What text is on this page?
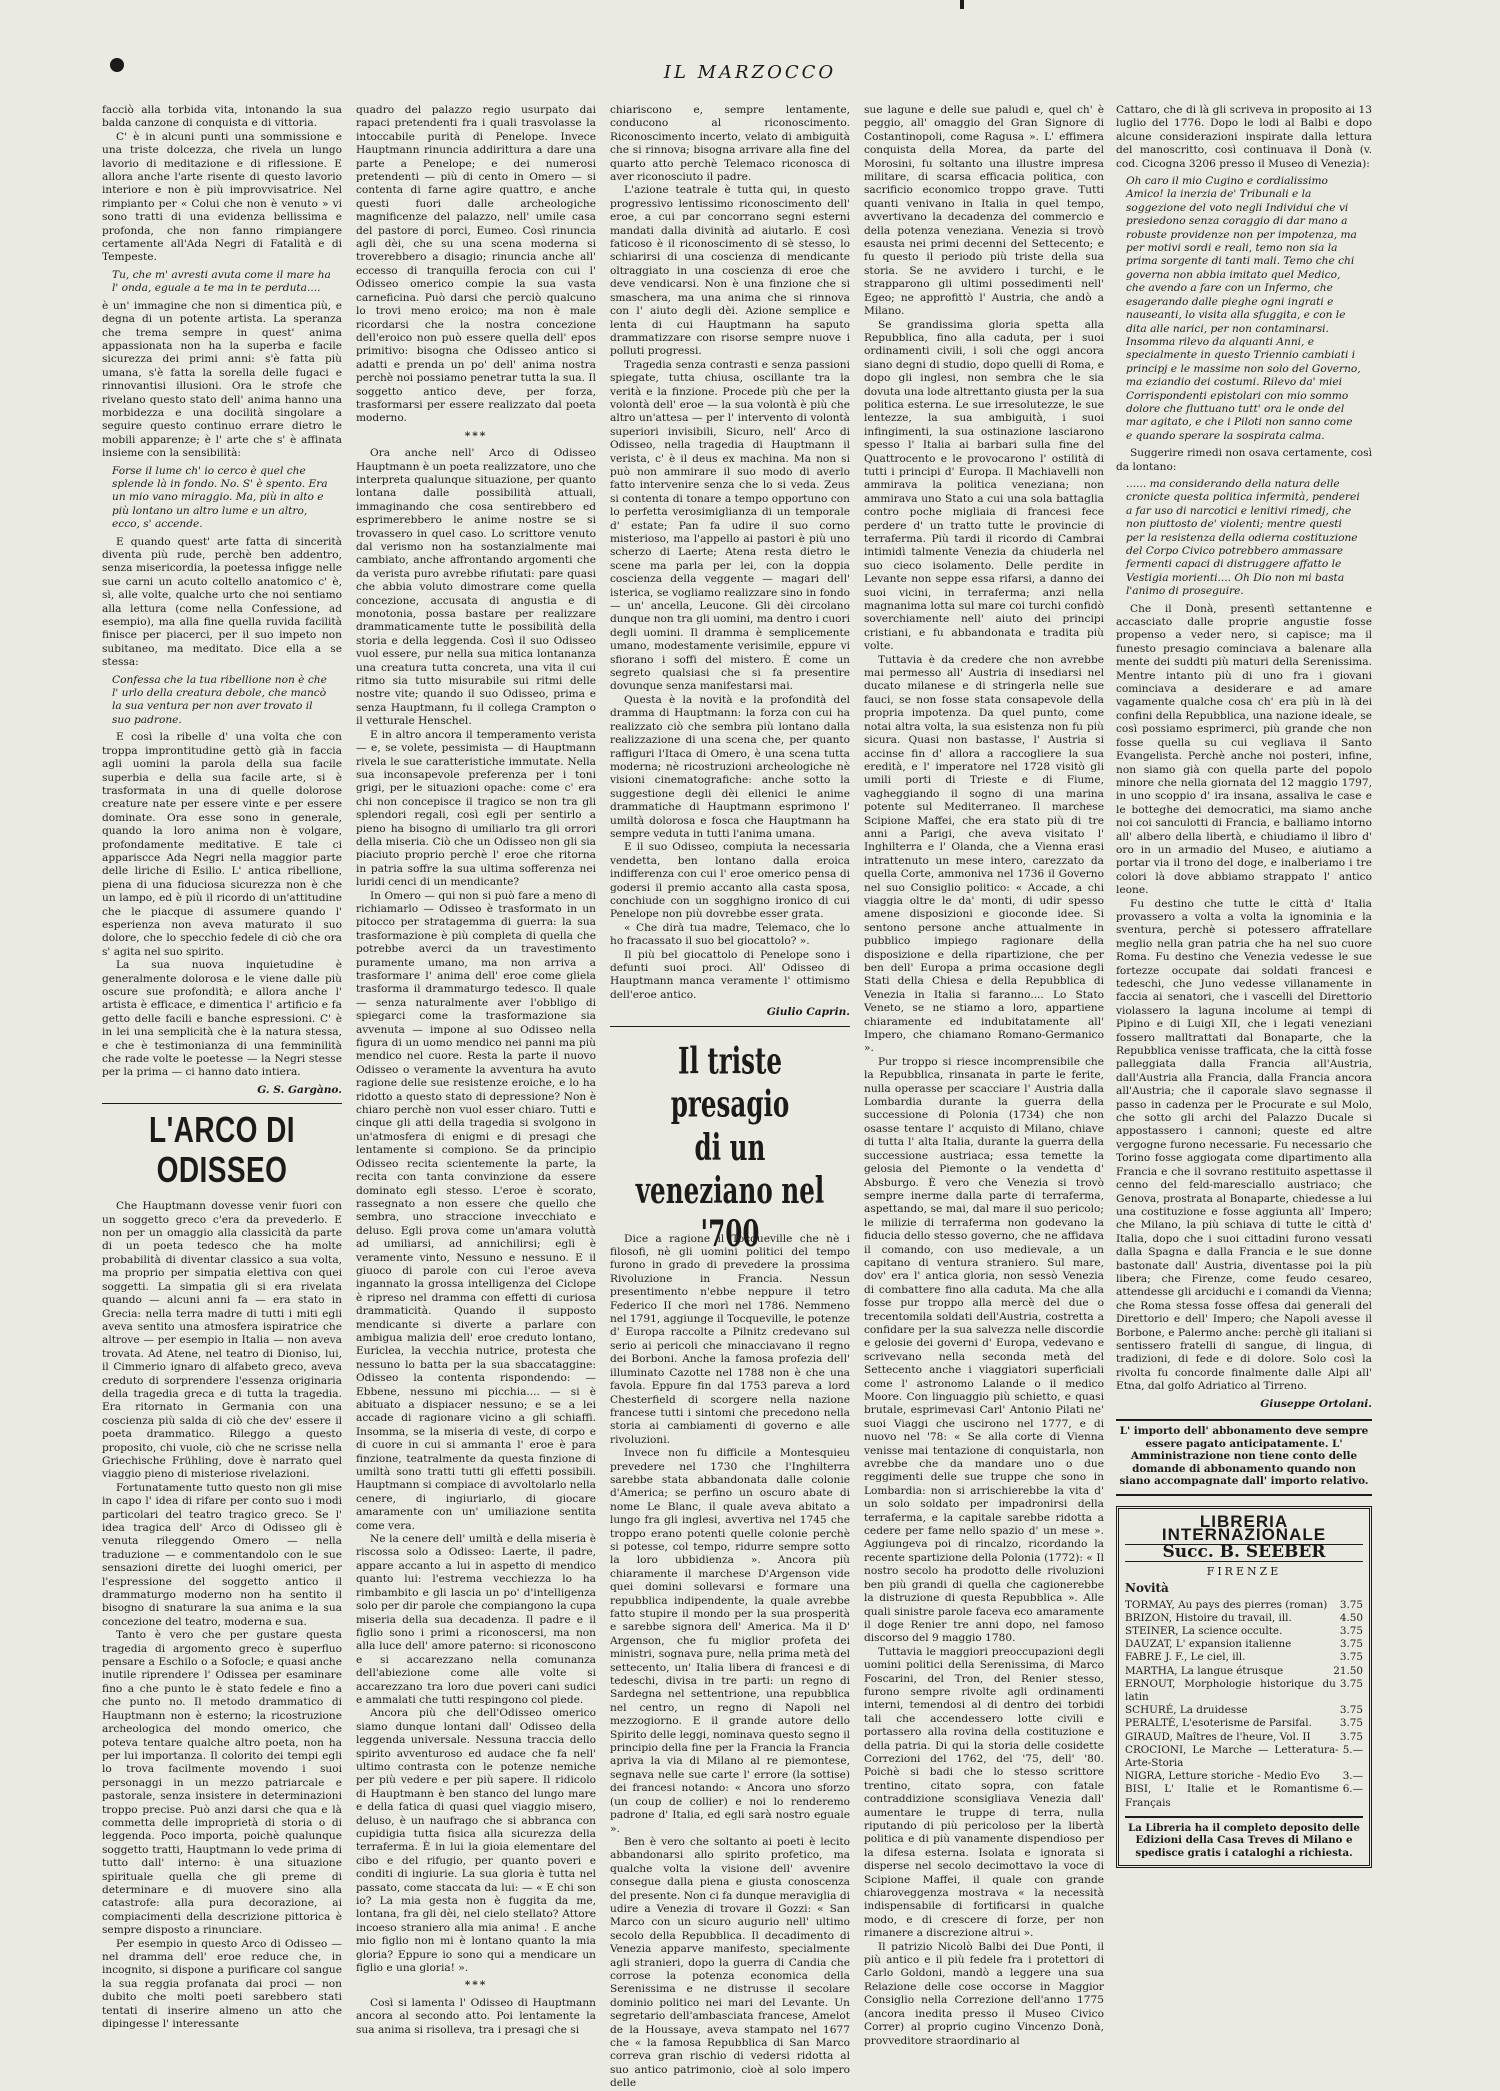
IL MARZOCCO

facciò alla torbida vita, intonando la sua balda canzone di conquista e di vittoria.

C' è in alcuni punti una sommissione e una triste dolcezza, che rivela un lungo lavorio di meditazione e di riflessione. E allora anche l'arte risente di questo lavorio interiore e non è più improvvisatrice. Nel rimpianto per « Colui che non è venuto » vi sono tratti di una evidenza bellissima e profonda, che non fanno rimpiangere certamente all'Ada Negri di Fatalità e di Tempeste.

Tu, che m' avresti avuta come il mare ha l' onda, eguale a te ma in te perduta....

è un' immagine che non si dimentica più, e degna di un potente artista. La speranza che trema sempre in quest' anima appassionata non ha la superba e facile sicurezza dei primi anni: s'è fatta più umana, s'è fatta la sorella delle fugaci e rinnovantisi illusioni. Ora le strofe che rivelano questo stato dell' anima hanno una morbidezza e una docilità singolare a seguire questo continuo errare dietro le mobili apparenze; è l' arte che s' è affinata insieme con la sensibilità:

Forse il lume ch' io cerco è quel che splende là in fondo. No. S' è spento. Era un mio vano miraggio. Ma, più in alto e più lontano un altro lume e un altro, ecco, s' accende.

E quando quest' arte fatta di sincerità diventa più rude, perchè ben addentro, senza misericordia, la poetessa infigge nelle sue carni un acuto coltello anatomico c' è, sì, alle volte, qualche urto che noi sentiamo alla lettura (come nella Confessione, ad esempio), ma alla fine quella ruvida facilità finisce per piacerci, per il suo impeto non subitaneo, ma meditato. Dice ella a se stessa:

Confessa che la tua ribellione non è che l' urlo della creatura debole, che mancò la sua ventura per non aver trovato il suo padrone.

E così la ribelle d' una volta che con troppa improntitudine gettò già in faccia agli uomini la parola della sua facile superbia e della sua facile arte, si è trasformata in una di quelle dolorose creature nate per essere vinte e per essere dominate. Ora esse sono in generale, quando la loro anima non è volgare, profondamente meditative. E tale ci appariscce Ada Negri nella maggior parte delle liriche di Esilio. L' antica ribellione, piena di una fiduciosa sicurezza non è che un lampo, ed è più il ricordo di un'attitudine che le piacque di assumere quando l' esperienza non aveva maturato il suo dolore, che lo specchio fedele di ciò che ora s' agita nel suo spirito.

La sua nuova inquietudine è generalmente dolorosa e le viene dalle più oscure sue profondità; e allora anche l' artista è efficace, e dimentica l' artificio e fa getto delle facili e banche espressioni. C' è in lei una semplicità che è la natura stessa, e che è testimonianza di una femminilità che rade volte le poetesse — la Negri stesse per la prima — ci hanno dato intiera.

G. S. Gargàno.

L'ARCO DI ODISSEO

Che Hauptmann dovesse venir fuori con un soggetto greco c'era da prevederlo. E non per un omaggio alla classicità da parte di un poeta tedesco che ha molte probabilità di diventar classico a sua volta, ma proprio per simpatia elettiva con quei soggetti. La simpatia gli si era rivelata quando — alcuni anni fa — era stato in Grecia: nella terra madre di tutti i miti egli aveva sentito una atmosfera ispiratrice che altrove — per esempio in Italia — non aveva trovata. Ad Atene, nel teatro di Dioniso, lui, il Cimmerio ignaro di alfabeto greco, aveva creduto di sorprendere l'essenza originaria della tragedia greca e di tutta la tragedia. Era ritornato in Germania con una coscienza più salda di ciò che dev' essere il poeta drammatico. Rileggo a questo proposito, chi vuole, ciò che ne scrisse nella Griechische Frühling, dove è narrato quel viaggio pieno di misteriose rivelazioni.

Fortunatamente tutto questo non gli mise in capo l' idea di rifare per conto suo i modi particolari del teatro tragico greco. Se l' idea tragica dell' Arco di Odisseo gli è venuta rileggendo Omero — nella traduzione — e commentandolo con le sue sensazioni dirette dei luoghi omerici, per l'espressione del soggetto antico il drammaturgo moderno non ha sentito il bisogno di snaturare la sua anima e la sua concezione del teatro, moderna e sua.

Tanto è vero che per gustare questa tragedia di argomento greco è superfluo pensare a Eschilo o a Sofocle; e quasi anche inutile riprendere l' Odissea per esaminare fino a che punto le è stato fedele e fino a che punto no. Il metodo drammatico di Hauptmann non è esterno; la ricostruzione archeologica del mondo omerico, che poteva tentare qualche altro poeta, non ha per lui importanza. Il colorito dei tempi egli lo trova facilmente movendo i suoi personaggi in un mezzo patriarcale e pastorale, senza insistere in determinazioni troppo precise. Può anzi darsi che qua e là commetta delle improprietà di storia o di leggenda. Poco importa, poichè qualunque soggetto tratti, Hauptmann lo vede prima di tutto dall' interno: è una situazione spirituale quella che gli preme di determinare e di muovere sino alla catastrofe: alla pura decorazione, ai compiacimenti della descrizione pittorica è sempre disposto a rinunciare.

Per esempio in questo Arco di Odisseo — nel dramma dell' eroe reduce che, in incognito, si dispone a purificare col sangue la sua reggia profanata dai proci — non dubito che molti poeti sarebbero stati tentati di inserire almeno un atto che dipingesse l' interessante

quadro del palazzo regio usurpato dai rapaci pretendenti fra i quali trasvolasse la intoccabile purità di Penelope. Invece Hauptmann rinuncia addirittura a dare una parte a Penelope; e dei numerosi pretendenti — più di cento in Omero — si contenta di farne agire quattro, e anche questi fuori dalle archeologiche magnificenze del palazzo, nell' umile casa del pastore di porci, Eumeo. Così rinuncia agli dèi, che su una scena moderna si troverebbero a disagio; rinuncia anche all' eccesso di tranquilla ferocia con cui l' Odisseo omerico compie la sua vasta carneficina. Può darsi che perciò qualcuno lo trovi meno eroico; ma non è male ricordarsi che la nostra concezione dell'eroico non può essere quella dell' epos primitivo: bisogna che Odisseo antico si adatti e prenda un po' dell' anima nostra perchè noi possiamo penetrar tutta la sua. Il soggetto antico deve, per forza, trasformarsi per essere realizzato dal poeta moderno.

***

Ora anche nell' Arco di Odisseo Hauptmann è un poeta realizzatore, uno che interpreta qualunque situazione, per quanto lontana dalle possibilità attuali, immaginando che cosa sentirebbero ed esprimerebbero le anime nostre se si trovassero in quel caso. Lo scrittore venuto dal verismo non ha sostanzialmente mai cambiato, anche affrontando argomenti che da verista puro avrebbe rifiutati: pare quasi che abbia voluto dimostrare come quella concezione, accusata di angustia e di monotonia, possa bastare per realizzare drammaticamente tutte le possibilità della storia e della leggenda. Così il suo Odisseo vuol essere, pur nella sua mitica lontananza una creatura tutta concreta, una vita il cui ritmo sia tutto misurabile sui ritmi delle nostre vite; quando il suo Odisseo, prima e senza Hauptmann, fu il collega Crampton o il vetturale Henschel.

E in altro ancora il temperamento verista — e, se volete, pessimista — di Hauptmann rivela le sue caratteristiche immutate. Nella sua inconsapevole preferenza per i toni grigi, per le situazioni opache: come c' era chi non concepisce il tragico se non tra gli splendori regali, così egli per sentirlo a pieno ha bisogno di umiliarlo tra gli orrori della miseria. Ciò che un Odisseo non gli sia piaciuto proprio perchè l' eroe che ritorna in patria soffre la sua ultima sofferenza nei luridi cenci di un mendicante?

In Omero — qui non si può fare a meno di richiamarlo — Odisseo è trasformato in un pitocco per stratagemma di guerra: la sua trasformazione è più completa di quella che potrebbe averci da un travestimento puramente umano, ma non arriva a trasformare l' anima dell' eroe come gliela trasforma il drammaturgo tedesco. Il quale — senza naturalmente aver l'obbligo di spiegarci come la trasformazione sia avvenuta — impone al suo Odisseo nella figura di un uomo mendico nei panni ma più mendico nel cuore. Resta la parte il nuovo Odisseo o veramente la avventura ha avuto ragione delle sue resistenze eroiche, e lo ha ridotto a questo stato di depressione? Non è chiaro perchè non vuol esser chiaro. Tutti e cinque gli atti della tragedia si svolgono in un'atmosfera di enigmi e di presagi che lentamente si compiono. Se da principio Odisseo recita scientemente la parte, la recita con tanta convinzione da essere dominato egli stesso. L'eroe è scorato, rassegnato a non essere che quello che sembra, uno straccione invecchiato e deluso. Egli prova come un'amara voluttà ad umiliarsi, ad annichilirsi; egli è veramente vinto, Nessuno e nessuno. E il giuoco di parole con cui l'eroe aveva ingannato la grossa intelligenza del Ciclope è ripreso nel dramma con effetti di curiosa drammaticità. Quando il supposto mendicante si diverte a parlare con ambigua malizia dell' eroe creduto lontano, Euriclea, la vecchia nutrice, protesta che nessuno lo batta per la sua sbaccataggine: Odisseo la contenta rispondendo: — Ebbene, nessuno mi picchia.... — si è abituato a dispiacer nessuno; e se a lei accade di ragionare vicino a gli schiaffi. Insomma, se la miseria di veste, di corpo e di cuore in cui si ammanta l' eroe è para finzione, teatralmente da questa finzione di umiltà sono tratti tutti gli effetti possibili. Hauptmann si compiace di avvoltolarlo nella cenere, di ingiuriarlo, di giocare amaramente con un' umiliazione sentita come vera.

Ne la cenere dell' umiltà e della miseria è riscossa solo a Odisseo: Laerte, il padre, appare accanto a lui in aspetto di mendico quanto lui: l'estrema vecchiezza lo ha rimbambito e gli lascia un po' d'intelligenza solo per dir parole che compiangono la cupa miseria della sua decadenza. Il padre e il figlio sono i primi a riconoscersi, ma non alla luce dell' amore paterno: si riconoscono e si accarezzano nella comunanza dell'abiezione come alle volte si accarezzano tra loro due poveri cani sudici e ammalati che tutti respingono col piede.

Ancora più che dell'Odisseo omerico siamo dunque lontani dall' Odisseo della leggenda universale. Nessuna traccia dello spirito avventuroso ed audace che fa nell' ultimo contrasta con le potenze nemiche per più vedere e per più sapere. Il ridicolo di Hauptmann è ben stanco del lungo mare e della fatica di quasi quel viaggio misero, deluso, è un naufrago che si abbranca con cupidigia tutta fisica alla sicurezza della terraferma. È in lui la gioia elementare del cibo e del rifugio, per quanto poveri e conditi di ingiurie. La sua gloria è tutta nel passato, come staccata da lui: — « E chi son io? La mia gesta non è fuggita da me, lontana, fra gli dèi, nel cielo stellato? Attore incoeso straniero alla mia anima! . E anche mio figlio non mi è lontano quanto la mia gloria? Eppure io sono qui a mendicare un figlio e una gloria! ».

***

Così si lamenta l' Odisseo di Hauptmann ancora al secondo atto. Poi lentamente la sua anima si risolleva, tra i presagi che si

chiariscono e, sempre lentamente, conducono al riconoscimento. Riconoscimento incerto, velato di ambiguità che si rinnova; bisogna arrivare alla fine del quarto atto perchè Telemaco riconosca di aver riconosciuto il padre.

L'azione teatrale è tutta qui, in questo progressivo lentissimo riconoscimento dell' eroe, a cui par concorrano segni esterni mandati dalla divinità ad aiutarlo. E così faticoso è il riconoscimento di sè stesso, lo schiarirsi di una coscienza di mendicante oltraggiato in una coscienza di eroe che deve vendicarsi. Non è una finzione che si smaschera, ma una anima che si rinnova con l' aiuto degli dèi. Azione semplice e lenta di cui Hauptmann ha saputo drammatizzare con risorse sempre nuove i polluti progressi.

Tragedia senza contrasti e senza passioni spiegate, tutta chiusa, oscillante tra la verità e la finzione. Procede più che per la volontà dell' eroe — la sua volontà è più che altro un'attesa — per l' intervento di volontà superiori invisibili, Sicuro, nell' Arco di Odisseo, nella tragedia di Hauptmann il verista, c' è il deus ex machina. Ma non si può non ammirare il suo modo di averlo fatto intervenire senza che lo si veda. Zeus si contenta di tonare a tempo opportuno con lo perfetta verosimiglianza di un temporale d' estate; Pan fa udire il suo corno misterioso, ma l'appello ai pastori è più uno scherzo di Laerte; Atena resta dietro le scene ma parla per lei, con la doppia coscienza della veggente — magari dell' isterica, se vogliamo realizzare sino in fondo — un' ancella, Leucone. Gli dèi circolano dunque non tra gli uomini, ma dentro i cuori degli uomini. Il dramma è semplicemente umano, modestamente verisimile, eppure vi sfiorano i soffi del mistero. È come un segreto qualsiasi che si fa presentire dovunque senza manifestarsi mai.

Questa è la novità e la profondità del dramma di Hauptmann: la forza con cui ha realizzato ciò che sembra più lontano dalla realizzazione di una scena che, per quanto raffiguri l'Itaca di Omero, è una scena tutta moderna; nè ricostruzioni archeologiche nè visioni cinematografiche: anche sotto la suggestione degli dèi ellenici le anime drammatiche di Hauptmann esprimono l' umiltà dolorosa e fosca che Hauptmann ha sempre veduta in tutti l'anima umana.

E il suo Odisseo, compiuta la necessaria vendetta, ben lontano dalla eroica indifferenza con cui l' eroe omerico pensa di godersi il premio accanto alla casta sposa, conchiude con un sogghigno ironico di cui Penelope non più dovrebbe esser grata.

« Che dirà tua madre, Telemaco, che lo ho fracassato il suo bel giocattolo? ».

Il più bel giocattolo di Penelope sono i defunti suoi proci. All' Odisseo di Hauptmann manca veramente l' ottimismo dell'eroe antico.

Giulio Caprin.

Il triste presagio
di un veneziano nel '700

Dice a ragione il Tocqueville che nè i filosofi, nè gli uomini politici del tempo furono in grado di prevedere la prossima Rivoluzione in Francia. Nessun presentimento n'ebbe neppure il tetro Federico II che morì nel 1786. Nemmeno nel 1791, aggiunge il Tocqueville, le potenze d' Europa raccolte a Pilnitz credevano sul serio ai pericoli che minacciavano il regno dei Borboni. Anche la famosa profezia dell' illuminato Cazotte nel 1788 non è che una favola. Eppure fin dal 1753 pareva a lord Chesterfield di scorgere nella nazione francese tutti i sintomi che precedono nella storia ai cambiamenti di governo e alle rivoluzioni.

Invece non fu difficile a Montesquieu prevedere nel 1730 che l'Inghilterra sarebbe stata abbandonata dalle colonie d'America; se perfino un oscuro abate di nome Le Blanc, il quale aveva abitato a lungo fra gli inglesi, avvertiva nel 1745 che troppo erano potenti quelle colonie perchè si potesse, col tempo, ridurre sempre sotto la loro ubbidienza ». Ancora più chiaramente il marchese D'Argenson vide quei domini sollevarsi e formare una repubblica indipendente, la quale avrebbe fatto stupire il mondo per la sua prosperità e sarebbe signora dell' America. Ma il D' Argenson, che fu miglior profeta dei ministri, sognava pure, nella prima metà del settecento, un' Italia libera di francesi e di tedeschi, divisa in tre parti: un regno di Sardegna nel settentrione, una repubblica nel centro, un regno di Napoli nel mezzogiorno. E il grande autore dello Spirito delle leggi, nominava questo segno il principio della fine per la Francia la Francia apriva la via di Milano al re piemontese, segnava nelle sue carte l' errore (la sottise) dei francesi notando: « Ancora uno sforzo (un coup de collier) e noi lo renderemo padrone d' Italia, ed egli sarà nostro eguale ».

Ben è vero che soltanto ai poeti è lecito abbandonarsi allo spirito profetico, ma qualche volta la visione dell' avvenire consegue dalla piena e giusta conoscenza del presente. Non ci fa dunque meraviglia di udire a Venezia di trovare il Gozzi: « San Marco con un sicuro augurio nell' ultimo secolo della Repubblica. Il decadimento di Venezia apparve manifesto, specialmente agli stranieri, dopo la guerra di Candia che corrose la potenza economica della Serenissima e ne distrusse il secolare dominio politico nei mari del Levante. Un segretario dell'ambasciata francese, Amelot de la Houssaye, aveva stampato nel 1677 che « la famosa Repubblica di San Marco correva gran rischio di vedersi ridotta al suo antico patrimonio, cioè al solo impero delle

sue lagune e delle sue paludi e, quel ch' è peggio, all' omaggio del Gran Signore di Costantinopoli, come Ragusa ». L' effimera conquista della Morea, da parte del Morosini, fu soltanto una illustre impresa militare, di scarsa efficacia politica, con sacrificio economico troppo grave. Tutti quanti venivano in Italia in quel tempo, avvertivano la decadenza del commercio e della potenza veneziana. Venezia si trovò esausta nei primi decenni del Settecento; e fu questo il periodo più triste della sua storia. Se ne avvidero i turchi, e le strapparono gli ultimi possedimenti nell' Egeo; ne approfittò l' Austria, che andò a Milano.

Se grandissima gloria spetta alla Repubblica, fino alla caduta, per i suoi ordinamenti civili, i soli che oggi ancora siano degni di studio, dopo quelli di Roma, e dopo gli inglesi, non sembra che le sia dovuta una lode altrettanto giusta per la sua politica esterna. Le sue irresolutezze, le sue lentezze, la sua ambiguità, i suoi infingimenti, la sua ostinazione lasciarono spesso l' Italia ai barbari sulla fine del Quattrocento e le provocarono l' ostilità di tutti i principi d' Europa. Il Machiavelli non ammirava la politica veneziana; non ammirava uno Stato a cui una sola battaglia contro poche migliaia di francesi fece perdere d' un tratto tutte le provincie di terraferma. Più tardi il ricordo di Cambrai intimidì talmente Venezia da chiuderla nel suo cieco isolamento. Delle perdite in Levante non seppe essa rifarsi, a danno dei suoi vicini, in terraferma; anzi nella magnanima lotta sul mare coi turchi confidò soverchiamente nell' aiuto dei principi cristiani, e fu abbandonata e tradita più volte.

Tuttavia è da credere che non avrebbe mai permesso all' Austria di insediarsi nel ducato milanese e di stringerla nelle sue fauci, se non fosse stata consapevole della propria impotenza. Da quel punto, come notai altra volta, la sua esistenza non fu più sicura. Quasi non bastasse, l' Austria si accinse fin d' allora a raccogliere la sua eredità, e l' imperatore nel 1728 visitò gli umili porti di Trieste e di Fiume, vagheggiando il sogno di una marina potente sul Mediterraneo. Il marchese Scipione Maffei, che era stato più di tre anni a Parigi, che aveva visitato l' Inghilterra e l' Olanda, che a Vienna erasi intrattenuto un mese intero, carezzato da quella Corte, ammoniva nel 1736 il Governo nel suo Consiglio politico: « Accade, a chi viaggia oltre le da' monti, di udir spesso amene disposizioni e gioconde idee. Si sentono persone anche attualmente in pubblico impiego ragionare della disposizione e della ripartizione, che per ben dell' Europa a prima occasione degli Stati della Chiesa e della Repubblica di Venezia in Italia si faranno.... Lo Stato Veneto, se ne stiamo a loro, appartiene chiaramente ed indubitatamente all' Impero, che chiamano Romano-Germanico ».

Pur troppo si riesce incomprensibile che la Repubblica, rinsanata in parte le ferite, nulla operasse per scacciare l' Austria dalla Lombardia durante la guerra della successione di Polonia (1734) che non osasse tentare l' acquisto di Milano, chiave di tutta l' alta Italia, durante la guerra della successione austriaca; essa temette la gelosia del Piemonte o la vendetta d' Absburgo. È vero che Venezia si trovò sempre inerme dalla parte di terraferma, aspettando, se mai, dal mare il suo pericolo; le milizie di terraferma non godevano la fiducia dello stesso governo, che ne affidava il comando, con uso medievale, a un capitano di ventura straniero. Sul mare, dov' era l' antica gloria, non sessò Venezia di combattere fino alla caduta. Ma che alla fosse pur troppo alla mercè del due o trecentomila soldati dell'Austria, costretta a confidare per la sua salvezza nelle discordie e gelosie dei governi d' Europa, vedevano e scrivevano nella seconda metà del Settecento anche i viaggiatori superficiali come l' astronomo Lalande o il medico Moore. Con linguaggio più schietto, e quasi brutale, esprimevasi Carl' Antonio Pilati ne' suoi Viaggi che uscirono nel 1777, e di nuovo nel '78: « Se alla corte di Vienna venisse mai tentazione di conquistarla, non avrebbe che da mandare uno o due reggimenti delle sue truppe che sono in Lombardia: non si arrischierebbe la vita d' un solo soldato per impadronirsi della terraferma, e la capitale sarebbe ridotta a cedere per fame nello spazio d' un mese ». Aggiungeva poi di rincalzo, ricordando la recente spartizione della Polonia (1772): « Il nostro secolo ha prodotto delle rivoluzioni ben più grandi di quella che cagionerebbe la distruzione di questa Repubblica ». Alle quali sinistre parole faceva eco amaramente il doge Renier tre anni dopo, nel famoso discorso del 9 maggio 1780.

Tuttavia le maggiori preoccupazioni degli uomini politici della Serenissima, di Marco Foscarini, del Tron, del Renier stesso, furono sempre rivolte agli ordinamenti interni, temendosi al di dentro dei torbidi tali che accendessero lotte civili e portassero alla rovina della costituzione e della patria. Di qui la storia delle cosidette Correzioni del 1762, del '75, dell' '80. Poichè si badi che lo stesso scrittore trentino, citato sopra, con fatale contraddizione sconsigliava Venezia dall' aumentare le truppe di terra, nulla riputando di più pericoloso per la libertà politica e di più vanamente dispendioso per la difesa esterna. Isolata e ignorata si disperse nel secolo decimottavo la voce di Scipione Maffei, il quale con grande chiaroveggenza mostrava « la necessità indispensabile di fortificarsi in qualche modo, e di crescere di forze, per non rimanere a discrezione altrui ».

Il patrizio Nicolò Balbi dei Due Ponti, il più antico e il più fedele fra i protettori di Carlo Goldoni, mandò a leggere una sua Relazione delle cose occorse in Maggior Consiglio nella Correzione dell'anno 1775 (ancora inedita presso il Museo Civico Correr) al proprio cugino Vincenzo Donà, provveditore straordinario al

Cattaro, che di là gli scriveva in proposito ai 13 luglio del 1776. Dopo le lodi al Balbi e dopo alcune considerazioni inspirate dalla lettura del manoscritto, così continuava il Donà (v. cod. Cicogna 3206 presso il Museo di Venezia):

Oh caro il mio Cugino e cordialissimo Amico! la inerzia de' Tribunali e la soggezione del voto negli Individui che vi presiedono senza coraggio di dar mano a robuste providenze non per impotenza, ma per motivi sordi e reali, temo non sia la prima sorgente di tanti mali. Temo che chi governa non abbia imitato quel Medico, che avendo a fare con un Infermo, che esagerando dalle pieghe ogni ingrati e nauseanti, lo visita alla sfuggita, e con le dita alle narici, per non contaminarsi. Insomma rilevo da alquanti Anni, e specialmente in questo Triennio cambiati i principj e le massime non solo del Governo, ma eziandio dei costumi. Rilevo da' miei Corrispondenti epistolari con mio sommo dolore che fluttuano tutt' ora le onde del mar agitato, e che i Piloti non sanno come e quando sperare la sospirata calma.

Suggerire rimedi non osava certamente, così da lontano:

...... ma considerando della natura delle cronicte questa politica infermità, penderei a far uso di narcotici e lenitivi rimedj, che non piuttosto de' violenti; mentre questi per la resistenza della odierna costituzione del Corpo Civico potrebbero ammassare fermenti capaci di distruggere affatto le Vestigia morienti.... Oh Dio non mi basta l'animo di proseguire.

Che il Donà, presentì settantenne e accasciato dalle proprie angustie fosse propenso a veder nero, si capisce; ma il funesto presagio cominciava a balenare alla mente dei suddti più maturi della Serenissima. Mentre intanto più di uno fra i giovani cominciava a desiderare e ad amare vagamente qualche cosa ch' era più in là dei confini della Repubblica, una nazione ideale, se così possiamo esprimerci, più grande che non fosse quella su cui vegliava il Santo Evangelista. Perchè anche noi posteri, infine, non siamo già con quella parte del popolo minore che nella giornata del 12 maggio 1797, in uno scoppio d' ira insana, assaliva le case e le botteghe dei democratici, ma siamo anche noi coi sanculotti di Francia, e balliamo intorno all' albero della libertà, e chiudiamo il libro d' oro in un armadio del Museo, e aiutiamo a portar via il trono del doge, e inalberiamo i tre colori là dove abbiamo strappato l' antico leone.

Fu destino che tutte le città d' Italia provassero a volta a volta la ignominia e la sventura, perchè si potessero affratellare meglio nella gran patria che ha nel suo cuore Roma. Fu destino che Venezia vedesse le sue fortezze occupate dai soldati francesi e tedeschi, che Juno vedesse villanamente in faccia ai senatori, che i vascelli del Direttorio violassero la laguna incolume ai tempi di Pipino e di Luigi XII, che i legati veneziani fossero malltrattati dal Bonaparte, che la Repubblica venisse trafficata, che la città fosse palleggiata dalla Francia all'Austria, dall'Austria alla Francia, dalla Francia ancora all'Austria; che il caporale slavo segnasse il passo in cadenza per le Procurate e sul Molo, che sotto gli archi del Palazzo Ducale si appostassero i cannoni; queste ed altre vergogne furono necessarie. Fu necessario che Torino fosse aggiogata come dipartimento alla Francia e che il sovrano restituito aspettasse il cenno del feld-maresciallo austriaco; che Genova, prostrata al Bonaparte, chiedesse a lui una costituzione e fosse aggiunta all' Impero; che Milano, la più schiava di tutte le città d' Italia, dopo che i suoi cittadini furono vessati dalla Spagna e dalla Francia e le sue donne bastonate dall' Austria, diventasse poi la più libera; che Firenze, come feudo cesareo, attendesse gli arciduchi e i comandi da Vienna; che Roma stessa fosse offesa dai generali del Direttorio e dell' Impero; che Napoli avesse il Borbone, e Palermo anche: perchè gli italiani si sentissero fratelli di sangue, di lingua, di tradizioni, di fede e di dolore. Solo così la rivolta fu concorde finalmente dalle Alpi all' Etna, dal golfo Adriatico al Tirreno.

Giuseppe Ortolani.

L' importo dell' abbonamento deve sempre essere pagato anticipatamente. L' Amministrazione non tiene conto delle domande di abbonamento quando non siano accompagnate dall' importo relativo.
LIBRERIA INTERNAZIONALE
Succ. B. SEEBER
FIRENZE
Novità
TORMAY, Au pays des pierres (roman)	3.75
BRIZON, Histoire du travail, ill.	4.50
STEINER, La science occulte.	3.75
DAUZAT, L' expansion italienne	3.75
FABRE J. F., Le ciel, ill.	3.75
MARTHA, La langue étrusque	21.50
ERNOUT, Morphologie historique du latin
3.75
SCHURÉ, La druidesse	3.75
PERALTÉ, L'esoterisme de Parsifal.	3.75
GIRAUD, Maîtres de l'heure, Vol. II	3.75
CROCIONI, Le Marche — Letteratura-Arte-Storia
5.—
NIGRA, Letture storiche - Medio Evo	3.—
BISI, L' Italie et le Romantisme Français
6.—
La Libreria ha il completo deposito delle Edizioni della Casa Treves di Milano e spedisce gratis i cataloghi a richiesta.
